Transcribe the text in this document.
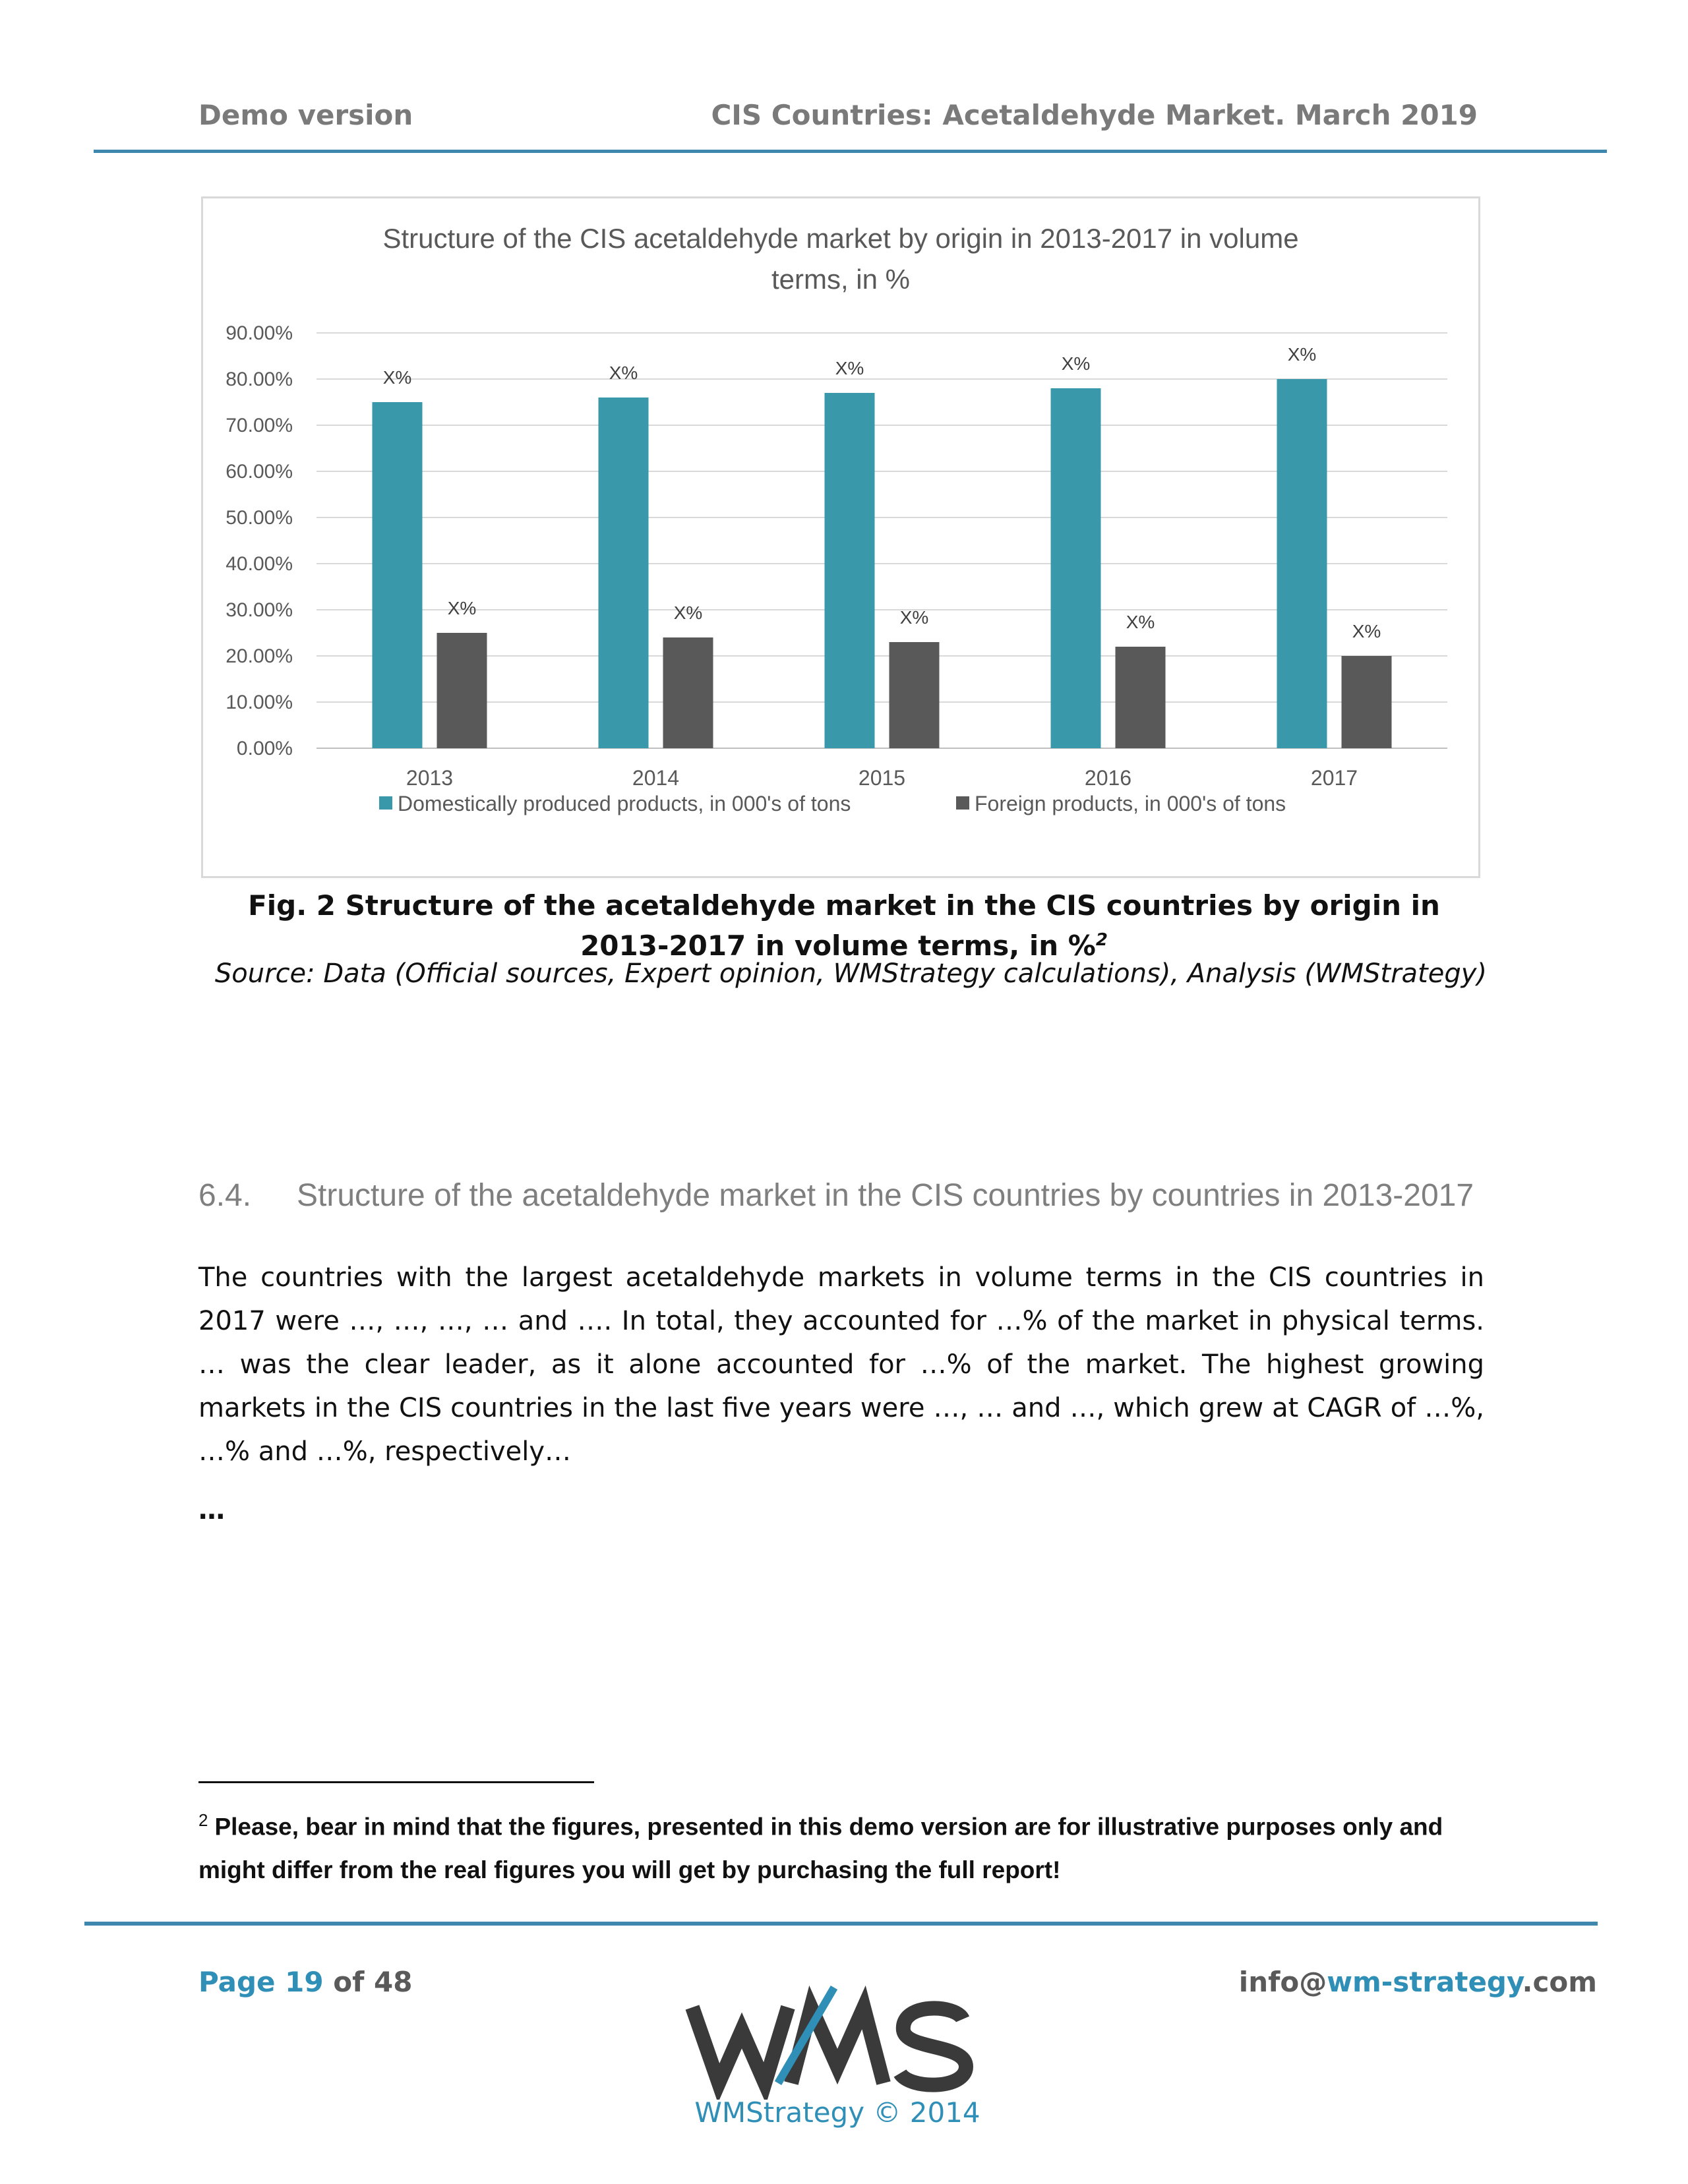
Demo version	CIS Countries: Acetaldehyde Market. March 2019
Structure of the CIS acetaldehyde market by origin in 2013-2017 in volume
terms, in %
0.00%
10.00%
20.00%
30.00%
40.00%
50.00%
60.00%
70.00%
80.00%
90.00%
X%
X%
X%
X%
X%
X%
X%
X%
X%
X%
2013	2014	2015	2016	2017
Domestically produced products, in 000's of tons	Foreign products, in 000's of tons
Fig. 2 Structure of the acetaldehyde market in the CIS countries by origin in 2013-2017 in volume terms, in %$^2$
Source: Data (Official sources, Expert opinion, WMStrategy calculations), Analysis (WMStrategy)
6.4. Structure of the acetaldehyde market in the CIS countries by countries in 2013-2017
The countries with the largest acetaldehyde markets in volume terms in the CIS countries in 2017 were …, …, …, … and …. In total, they accounted for …% of the market in physical terms. … was the clear leader, as it alone accounted for …% of the market. The highest growing markets in the CIS countries in the last five years were …, … and …, which grew at CAGR of …%, …% and …%, respectively…
…
$^2$ Please, bear in mind that the figures, presented in this demo version are for illustrative purposes only and might differ from the real figures you will get by purchasing the full report!
Page 19 of 48	info@wm-strategy.com
WMStrategy © 2014
